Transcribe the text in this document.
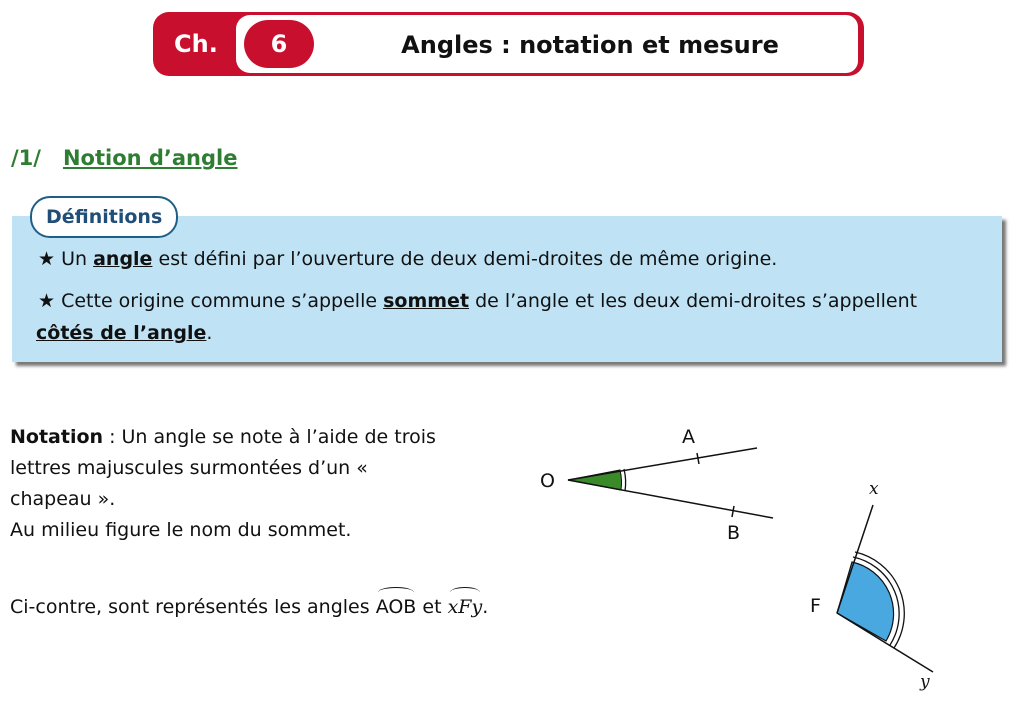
Ch.	6	Angles : notation et mesure
/1/ Notion d’angle
Définitions
★ Un angle est défini par l’ouverture de deux demi-droites de même origine.
★ Cette origine commune s’appelle sommet de l’angle et les deux demi-droites s’appellent
côtés de l’angle.
Notation : Un angle se note à l’aide de trois
lettres majuscules surmontées d’un «
chapeau ».
Au milieu figure le nom du sommet.
Ci-contre, sont représentés les angles AOB et xFy.
O
A
B
F
x
y
